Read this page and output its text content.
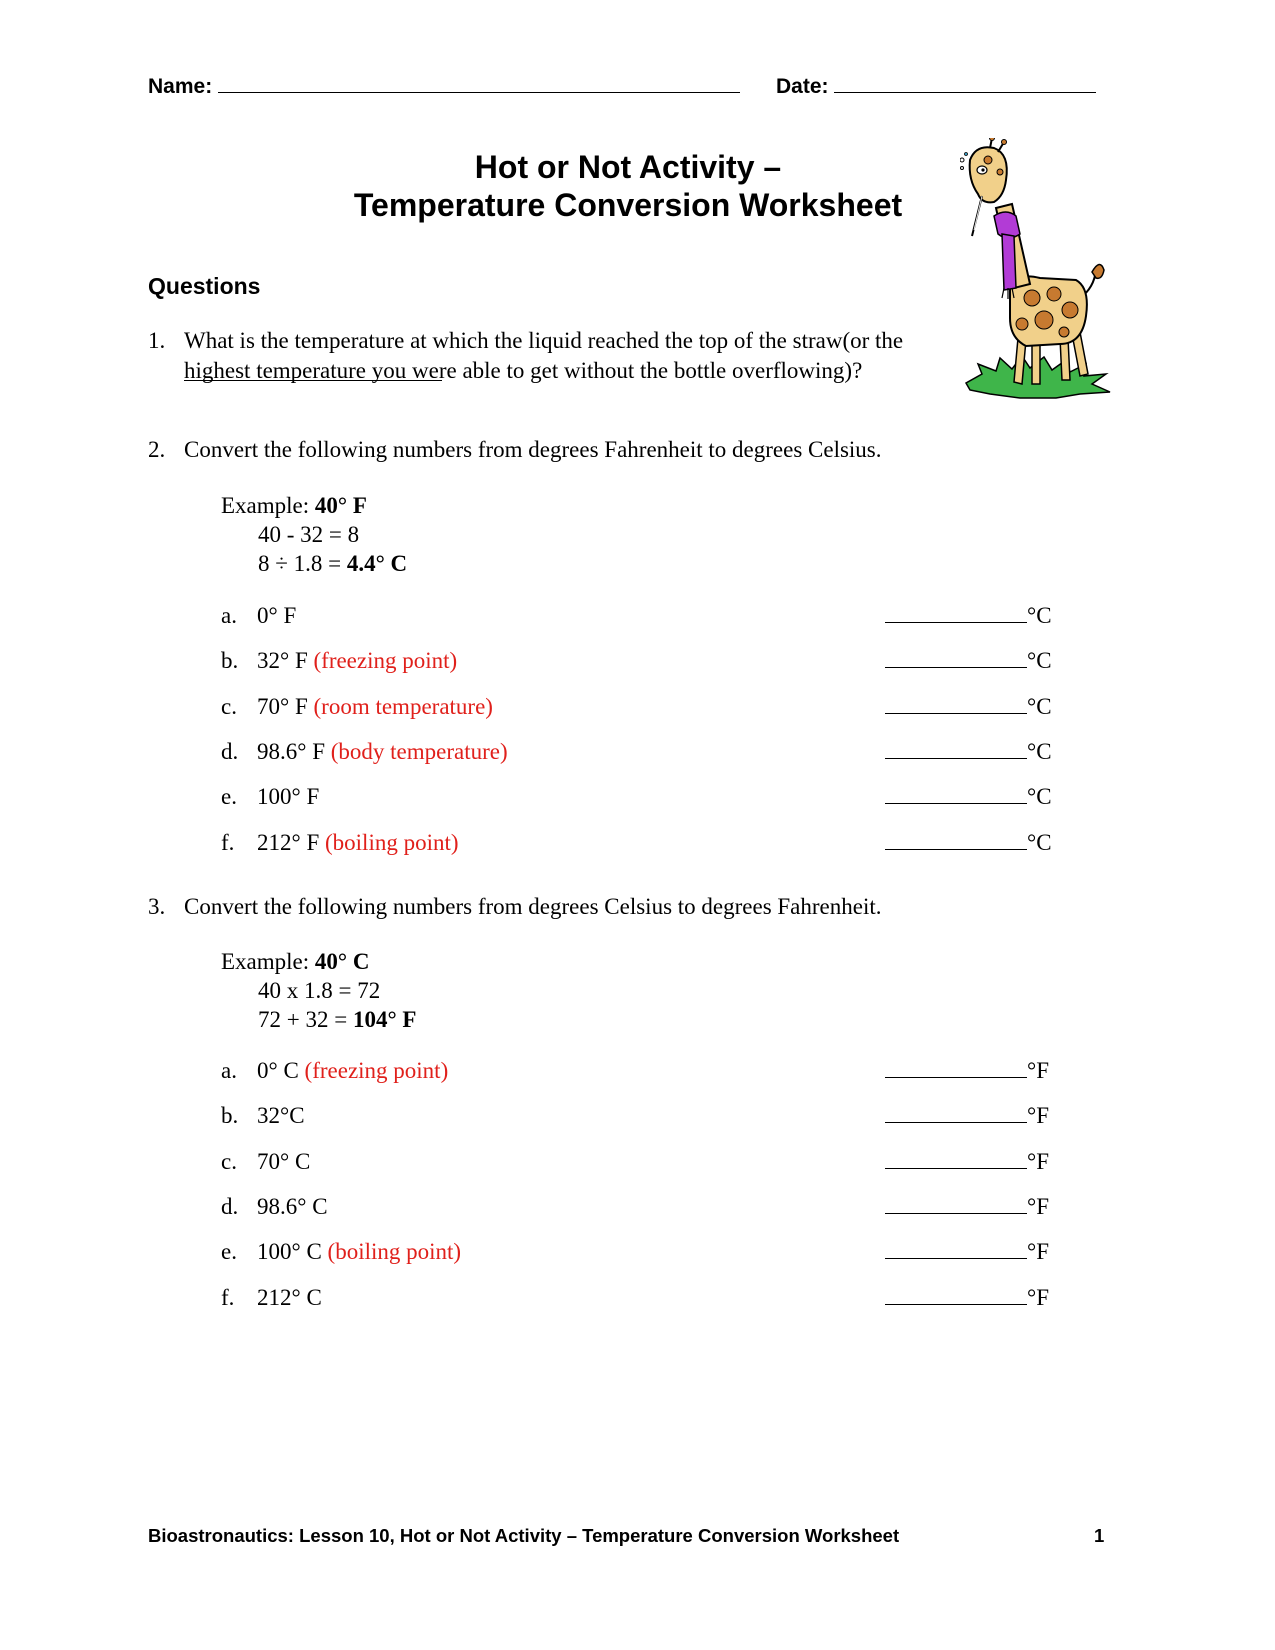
Name:	Date:
Hot or Not Activity –
Temperature Conversion Worksheet
Questions
1. What is the temperature at which the liquid reached the top of the straw(or the
highest temperature you were able to get without the bottle overflowing)?
2. Convert the following numbers from degrees Fahrenheit to degrees Celsius.
Example: 40° F
40 - 32 = 8
8 ÷ 1.8 = 4.4° C
a. 0° F	°C
b. 32° F (freezing point)	°C
c. 70° F (room temperature)	°C
d. 98.6° F (body temperature)	°C
e. 100° F	°C
f. 212° F (boiling point)	°C
3. Convert the following numbers from degrees Celsius to degrees Fahrenheit.
Example: 40° C
40 x 1.8 = 72
72 + 32 = 104° F
a. 0° C (freezing point)	°F
b. 32°C	°F
c. 70° C	°F
d. 98.6° C	°F
e. 100° C (boiling point)	°F
f. 212° C	°F
Bioastronautics: Lesson 10, Hot or Not Activity – Temperature Conversion Worksheet	1
